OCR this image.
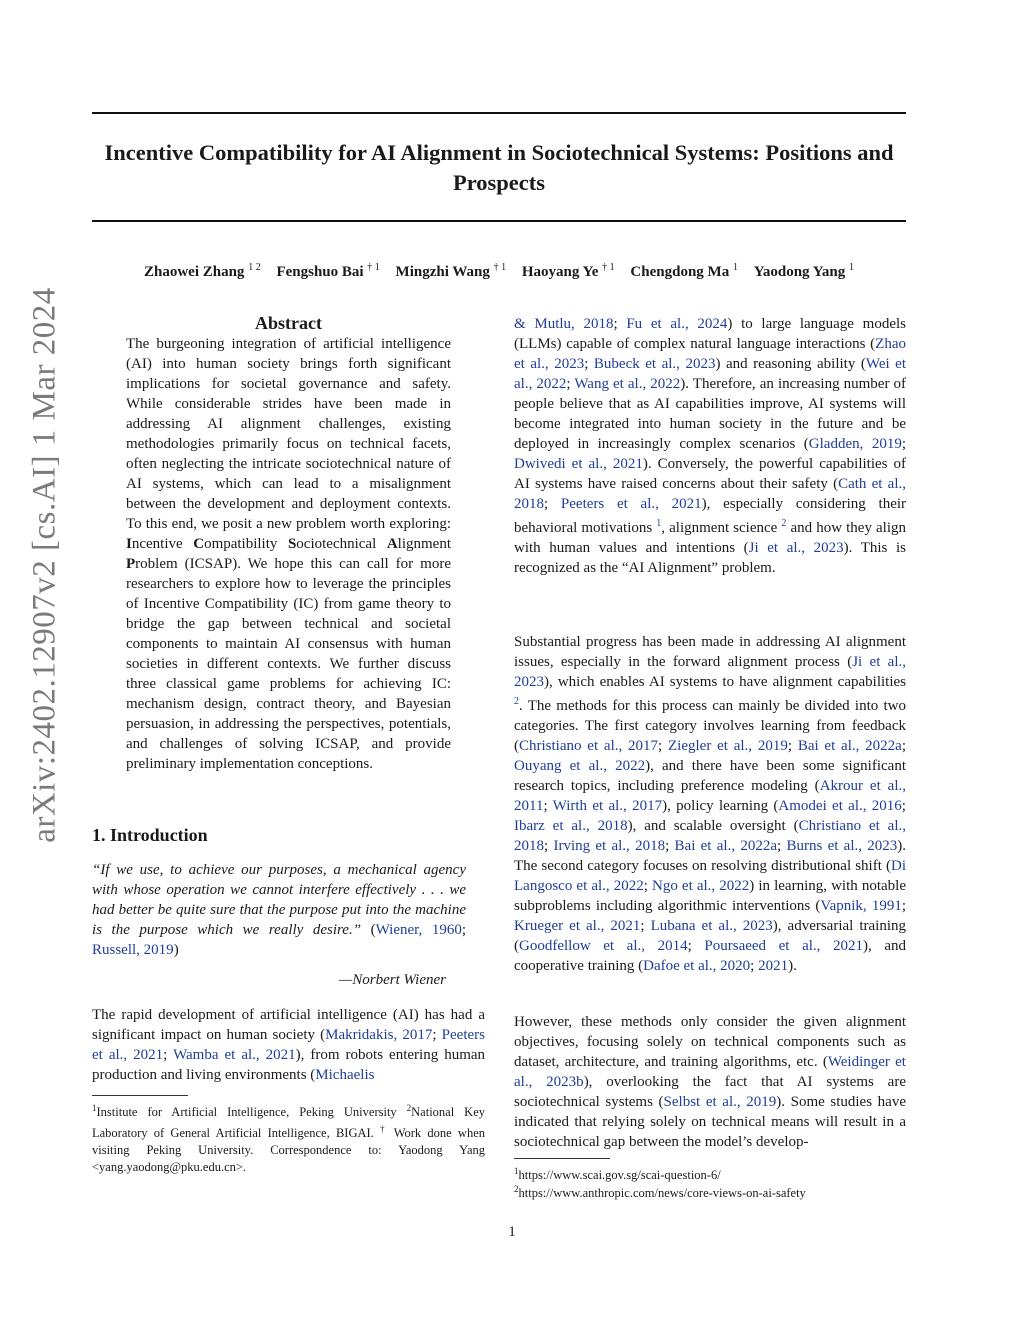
arXiv:2402.12907v2 [cs.AI] 1 Mar 2024
Incentive Compatibility for AI Alignment in Sociotechnical Systems: Positions and Prospects
Zhaowei Zhang $^{1 2}$ Fengshuo Bai $^{\dagger 1}$ Mingzhi Wang $^{\dagger 1}$ Haoyang Ye $^{\dagger 1}$ Chengdong Ma $^1$ Yaodong Yang $^1$
Abstract

The burgeoning integration of artificial intelligence (AI) into human society brings forth significant implications for societal governance and safety. While considerable strides have been made in addressing AI alignment challenges, existing methodologies primarily focus on technical facets, often neglecting the intricate sociotechnical nature of AI systems, which can lead to a misalignment between the development and deployment contexts. To this end, we posit a new problem worth exploring: Incentive Compatibility Sociotechnical Alignment Problem (ICSAP). We hope this can call for more researchers to explore how to leverage the principles of Incentive Compatibility (IC) from game theory to bridge the gap between technical and societal components to maintain AI consensus with human societies in different contexts. We further discuss three classical game problems for achieving IC: mechanism design, contract theory, and Bayesian persuasion, in addressing the perspectives, potentials, and challenges of solving ICSAP, and provide preliminary implementation conceptions.

1. Introduction

“If we use, to achieve our purposes, a mechanical agency with whose operation we cannot interfere effectively . . . we had better be quite sure that the purpose put into the machine is the purpose which we really desire.” (Wiener, 1960; Russell, 2019)

—Norbert Wiener

The rapid development of artificial intelligence (AI) has had a significant impact on human society (Makridakis, 2017; Peeters et al., 2021; Wamba et al., 2021), from robots entering human production and living environments (Michaelis

$^1$Institute for Artificial Intelligence, Peking University $^2$National Key Laboratory of General Artificial Intelligence, BIGAI. † Work done when visiting Peking University. Correspondence to: Yaodong Yang <yang.yaodong@pku.edu.cn>.

& Mutlu, 2018; Fu et al., 2024) to large language models (LLMs) capable of complex natural language interactions (Zhao et al., 2023; Bubeck et al., 2023) and reasoning ability (Wei et al., 2022; Wang et al., 2022). Therefore, an increasing number of people believe that as AI capabilities improve, AI systems will become integrated into human society in the future and be deployed in increasingly complex scenarios (Gladden, 2019; Dwivedi et al., 2021). Conversely, the powerful capabilities of AI systems have raised concerns about their safety (Cath et al., 2018; Peeters et al., 2021), especially considering their behavioral motivations $^1$, alignment science $^2$ and how they align with human values and intentions (Ji et al., 2023). This is recognized as the “AI Alignment” problem.

Substantial progress has been made in addressing AI alignment issues, especially in the forward alignment process (Ji et al., 2023), which enables AI systems to have alignment capabilities $^2$. The methods for this process can mainly be divided into two categories. The first category involves learning from feedback (Christiano et al., 2017; Ziegler et al., 2019; Bai et al., 2022a; Ouyang et al., 2022), and there have been some significant research topics, including preference modeling (Akrour et al., 2011; Wirth et al., 2017), policy learning (Amodei et al., 2016; Ibarz et al., 2018), and scalable oversight (Christiano et al., 2018; Irving et al., 2018; Bai et al., 2022a; Burns et al., 2023). The second category focuses on resolving distributional shift (Di Langosco et al., 2022; Ngo et al., 2022) in learning, with notable subproblems including algorithmic interventions (Vapnik, 1991; Krueger et al., 2021; Lubana et al., 2023), adversarial training (Goodfellow et al., 2014; Poursaeed et al., 2021), and cooperative training (Dafoe et al., 2020; 2021).

However, these methods only consider the given alignment objectives, focusing solely on technical components such as dataset, architecture, and training algorithms, etc. (Weidinger et al., 2023b), overlooking the fact that AI systems are sociotechnical systems (Selbst et al., 2019). Some studies have indicated that relying solely on technical means will result in a sociotechnical gap between the model’s develop-

$^1$https://www.scai.gov.sg/scai-question-6/

$^2$https://www.anthropic.com/news/core-views-on-ai-safety

1
